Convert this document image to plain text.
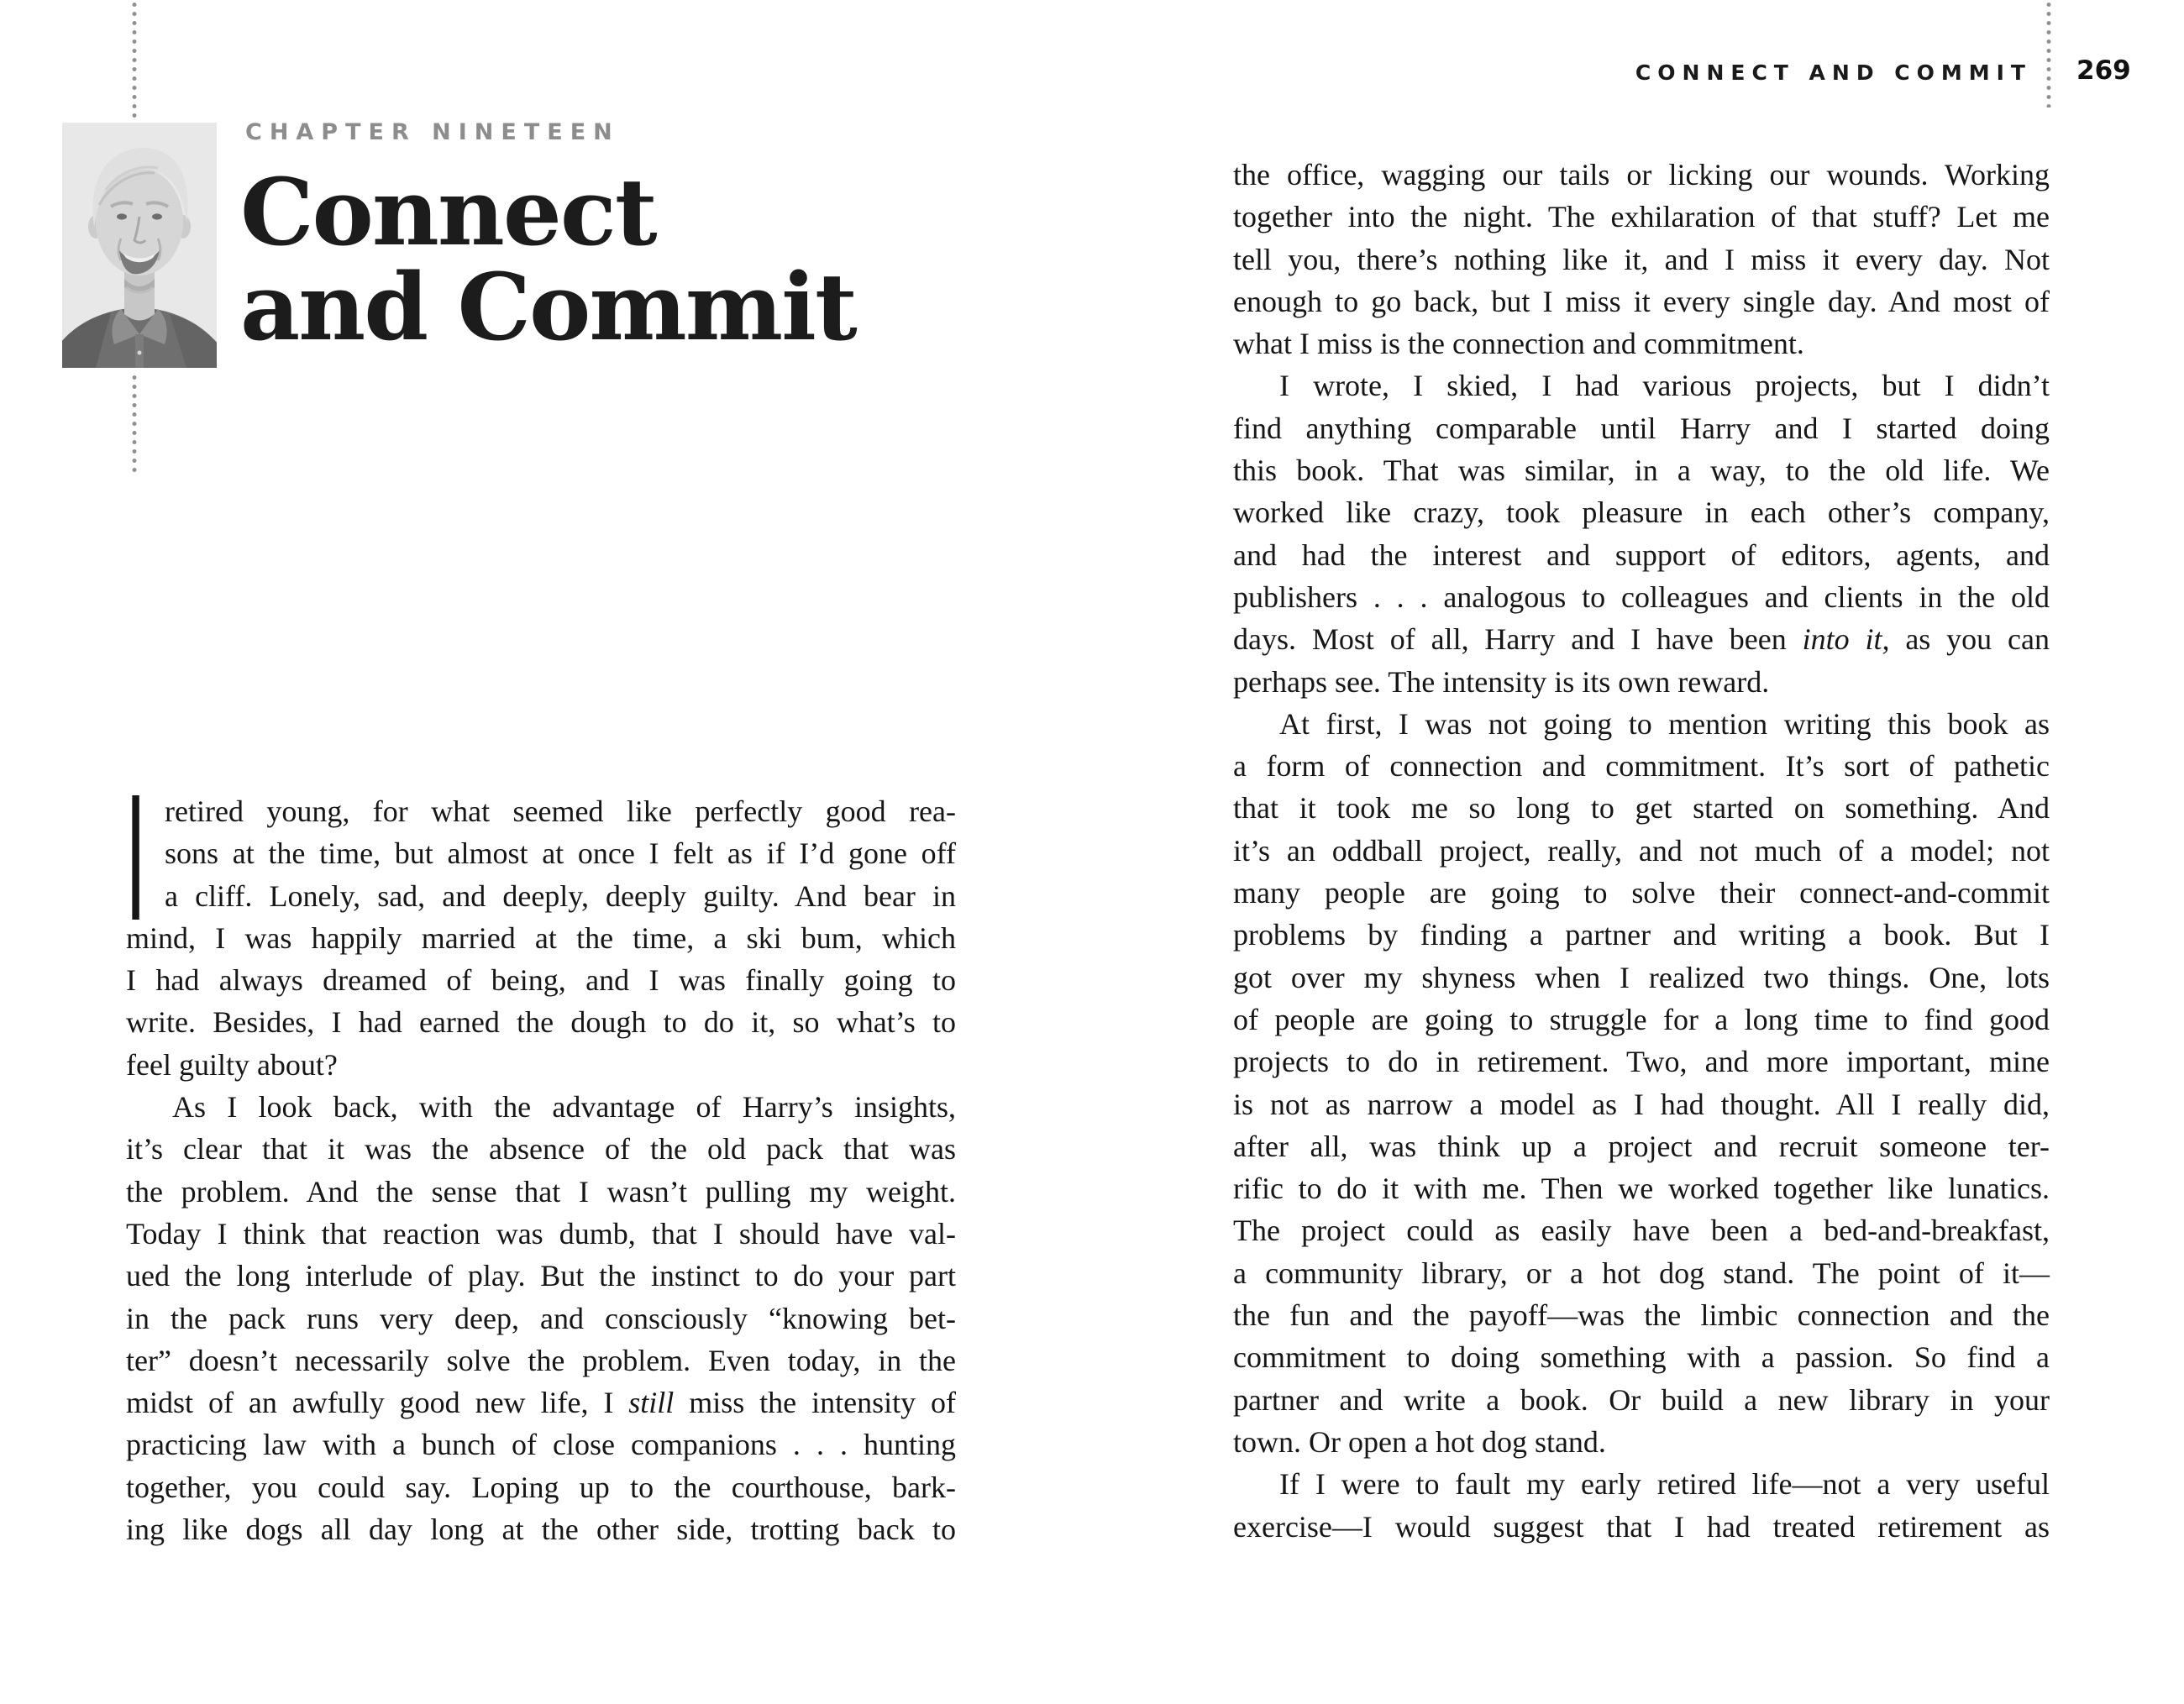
CONNECT AND COMMIT 269
CHAPTER NINETEEN
Connect
and Commit
I retired young, for what seemed like perfectly good rea-
sons at the time, but almost at once I felt as if I’d gone off
a cliff. Lonely, sad, and deeply, deeply guilty. And bear in
mind, I was happily married at the time, a ski bum, which
I had always dreamed of being, and I was finally going to
write. Besides, I had earned the dough to do it, so what’s to
feel guilty about?
As I look back, with the advantage of Harry’s insights,
it’s clear that it was the absence of the old pack that was
the problem. And the sense that I wasn’t pulling my weight.
Today I think that reaction was dumb, that I should have val-
ued the long interlude of play. But the instinct to do your part
in the pack runs very deep, and consciously “knowing bet-
ter” doesn’t necessarily solve the problem. Even today, in the
midst of an awfully good new life, I still miss the intensity of
practicing law with a bunch of close companions . . . hunting
together, you could say. Loping up to the courthouse, bark-
ing like dogs all day long at the other side, trotting back to
the office, wagging our tails or licking our wounds. Working
together into the night. The exhilaration of that stuff? Let me
tell you, there’s nothing like it, and I miss it every day. Not
enough to go back, but I miss it every single day. And most of
what I miss is the connection and commitment.
I wrote, I skied, I had various projects, but I didn’t
find anything comparable until Harry and I started doing
this book. That was similar, in a way, to the old life. We
worked like crazy, took pleasure in each other’s company,
and had the interest and support of editors, agents, and
publishers . . . analogous to colleagues and clients in the old
days. Most of all, Harry and I have been into it, as you can
perhaps see. The intensity is its own reward.
At first, I was not going to mention writing this book as
a form of connection and commitment. It’s sort of pathetic
that it took me so long to get started on something. And
it’s an oddball project, really, and not much of a model; not
many people are going to solve their connect-and-commit
problems by finding a partner and writing a book. But I
got over my shyness when I realized two things. One, lots
of people are going to struggle for a long time to find good
projects to do in retirement. Two, and more important, mine
is not as narrow a model as I had thought. All I really did,
after all, was think up a project and recruit someone ter-
rific to do it with me. Then we worked together like lunatics.
The project could as easily have been a bed-and-breakfast,
a community library, or a hot dog stand. The point of it—
the fun and the payoff—was the limbic connection and the
commitment to doing something with a passion. So find a
partner and write a book. Or build a new library in your
town. Or open a hot dog stand.
If I were to fault my early retired life—not a very useful
exercise—I would suggest that I had treated retirement as
